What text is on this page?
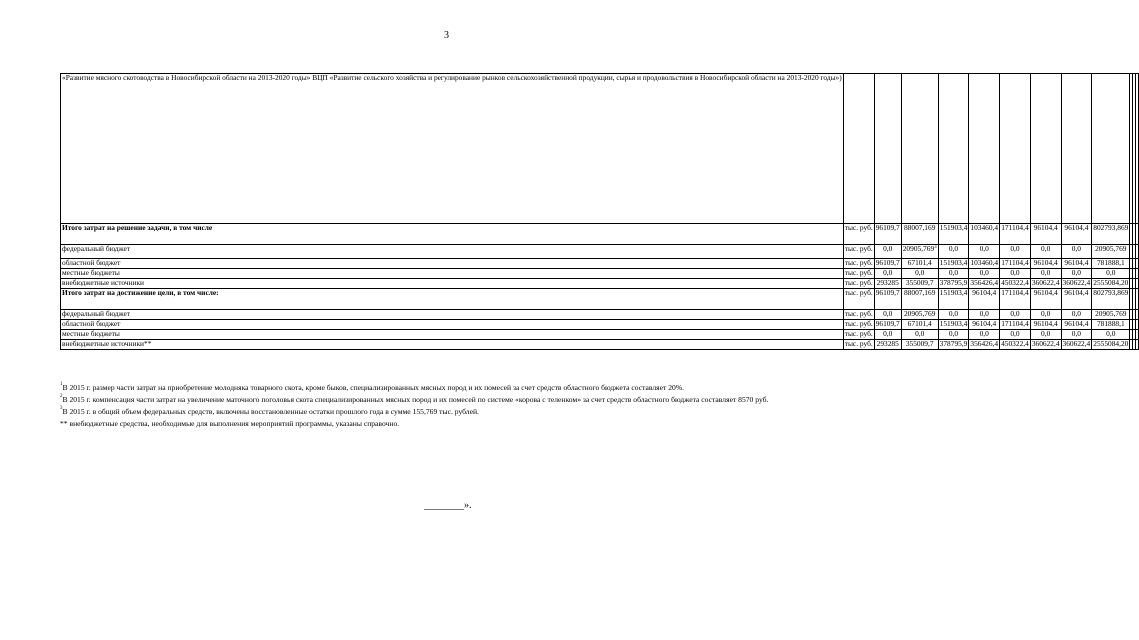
3
«Развитие мясного скотоводства в Новосибирской области на 2013-2020 годы» ВЦП «Развитие сельского хозяйства и регулирование рынков сельскохозяйственной продукции, сырья и продовольствия в Новосибирской области на 2013-2020 годы»)												
Итого затрат на решение задачи, в том числе	тыс. руб.	96109,7	88007,169	151903,4	103460,4	171104,4	96104,4	96104,4	802793,869			
федеральный бюджет	тыс. руб.	0,0	20905,769$^3$	0,0	0,0	0,0	0,0	0,0	20905,769			
областной бюджет	тыс. руб.	96109,7	67101,4	151903,4	103460,4	171104,4	96104,4	96104,4	781888,1			
местные бюджеты	тыс. руб.	0,0	0,0	0,0	0,0	0,0	0,0	0,0	0,0			
внебюджетные источники	тыс. руб.	293285	355009,7	378795,9	356426,4	450322,4	360622,4	360622,4	2555084,20			
Итого затрат на достижение цели, в том числе:	тыс. руб.	96109,7	88007,169	151903,4	96104,4	171104,4	96104,4	96104,4	802793,869			
федеральный бюджет	тыс. руб.	0,0	20905,769	0,0	0,0	0,0	0,0	0,0	20905,769			
областной бюджет	тыс. руб.	96109,7	67101,4	151903,4	96104,4	171104,4	96104,4	96104,4	781888,1			
местные бюджеты	тыс. руб.	0,0	0,0	0,0	0,0	0,0	0,0	0,0	0,0			
внебюджетные источники**	тыс. руб.	293285	355009,7	378795,9	356426,4	450322,4	360622,4	360622,4	2555084,20			

$^1$В 2015 г. размер части затрат на приобретение молодняка товарного скота, кроме быков, специализированных мясных пород и их помесей за счет средств областного бюджета составляет 20%.

$^2$В 2015 г. компенсация части затрат на увеличение маточного поголовья скота специализированных мясных пород и их помесей по системе «корова с теленком» за счет средств областного бюджета составляет 8570 руб.

$^3$В 2015 г. в общий объем федеральных средств, включены восстановленные остатки прошлого года в сумме 155,769 тыс. рублей.

** внебюджетные средства, необходимые для выполнения мероприятий программы, указаны справочно.

________».
